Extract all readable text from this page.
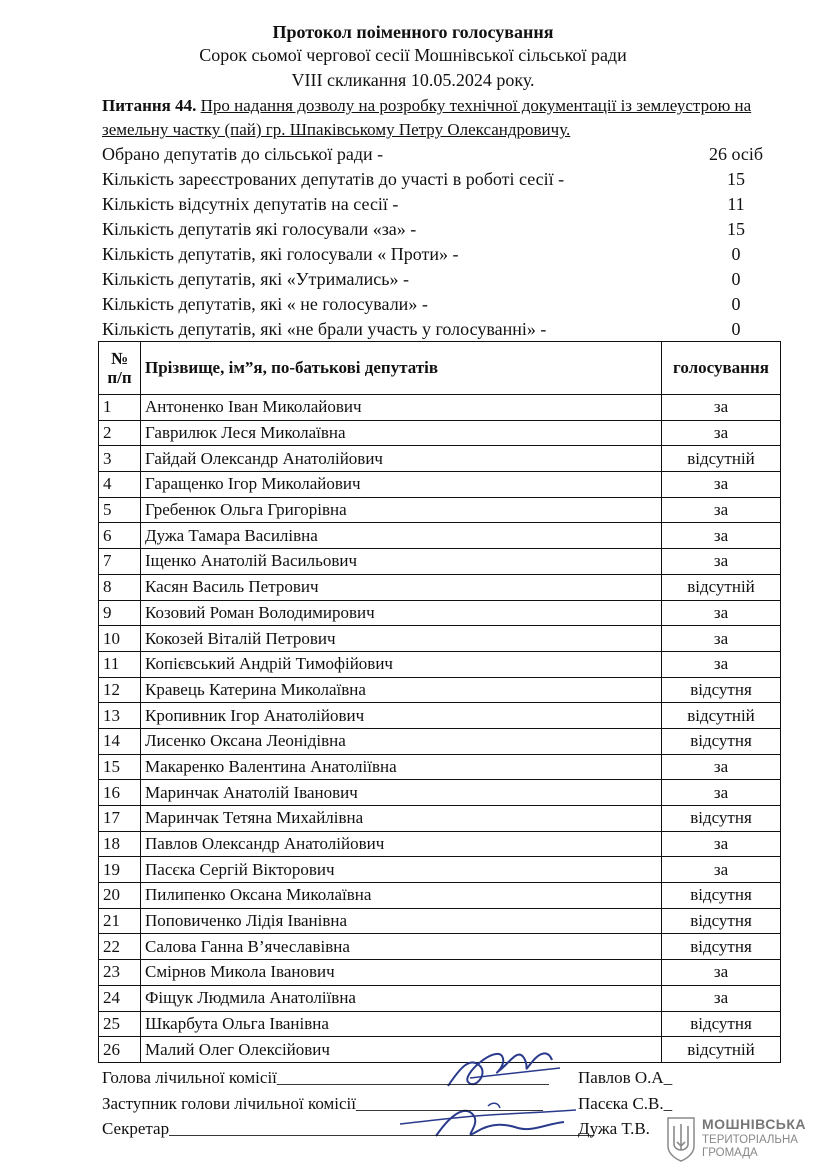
Протокол поіменного голосування
Сорок сьомої чергової сесії Мошнівської сільської ради
VIII скликання 10.05.2024 року.
Питання 44. Про надання дозволу на розробку технічної документації із землеустрою на земельну частку (пай) гр. Шпаківському Петру Олександровичу.
Обрано депутатів до сільської ради -	26 осіб
Кількість зареєстрованих депутатів до участі в роботі сесії -	15
Кількість відсутніх депутатів на сесії -	11
Кількість депутатів які голосували «за» -	15
Кількість депутатів, які голосували « Проти» -	0
Кількість депутатів, які «Утримались» -	0
Кількість депутатів, які « не голосували» -	0
Кількість депутатів, які «не брали участь у голосуванні» -	0
№
п/п	Прізвище, ім”я, по-батькові депутатів	голосування
1	Антоненко Іван Миколайович	за
2	Гаврилюк Леся Миколаївна	за
3	Гайдай Олександр Анатолійович	відсутній
4	Гаращенко Ігор Миколайович	за
5	Гребенюк Ольга Григорівна	за
6	Дужа Тамара Василівна	за
7	Іщенко Анатолій Васильович	за
8	Касян Василь Петрович	відсутній
9	Козовий Роман Володимирович	за
10	Кокозей Віталій Петрович	за
11	Копієвський Андрій Тимофійович	за
12	Кравець Катерина Миколаївна	відсутня
13	Кропивник Ігор Анатолійович	відсутній
14	Лисенко Оксана Леонідівна	відсутня
15	Макаренко Валентина Анатоліївна	за
16	Маринчак Анатолій Іванович	за
17	Маринчак Тетяна Михайлівна	відсутня
18	Павлов Олександр Анатолійович	за
19	Пасєка Сергій Вікторович	за
20	Пилипенко Оксана Миколаївна	відсутня
21	Поповиченко Лідія Іванівна	відсутня
22	Салова Ганна В’ячеславівна	відсутня
23	Смірнов Микола Іванович	за
24	Фіщук Людмила Анатоліївна	за
25	Шкарбута Ольга Іванівна	відсутня
26	Малий Олег Олексійович	відсутній
Голова лічильної комісії________________________________ Павлов О.А_
Заступник голови лічильної комісії______________________ Пасєка С.В._
Секретар__________________________________________________
Дужа Т.В.	МОШНІВСЬКА
ТЕРИТОРІАЛЬНА
ГРОМАДА
